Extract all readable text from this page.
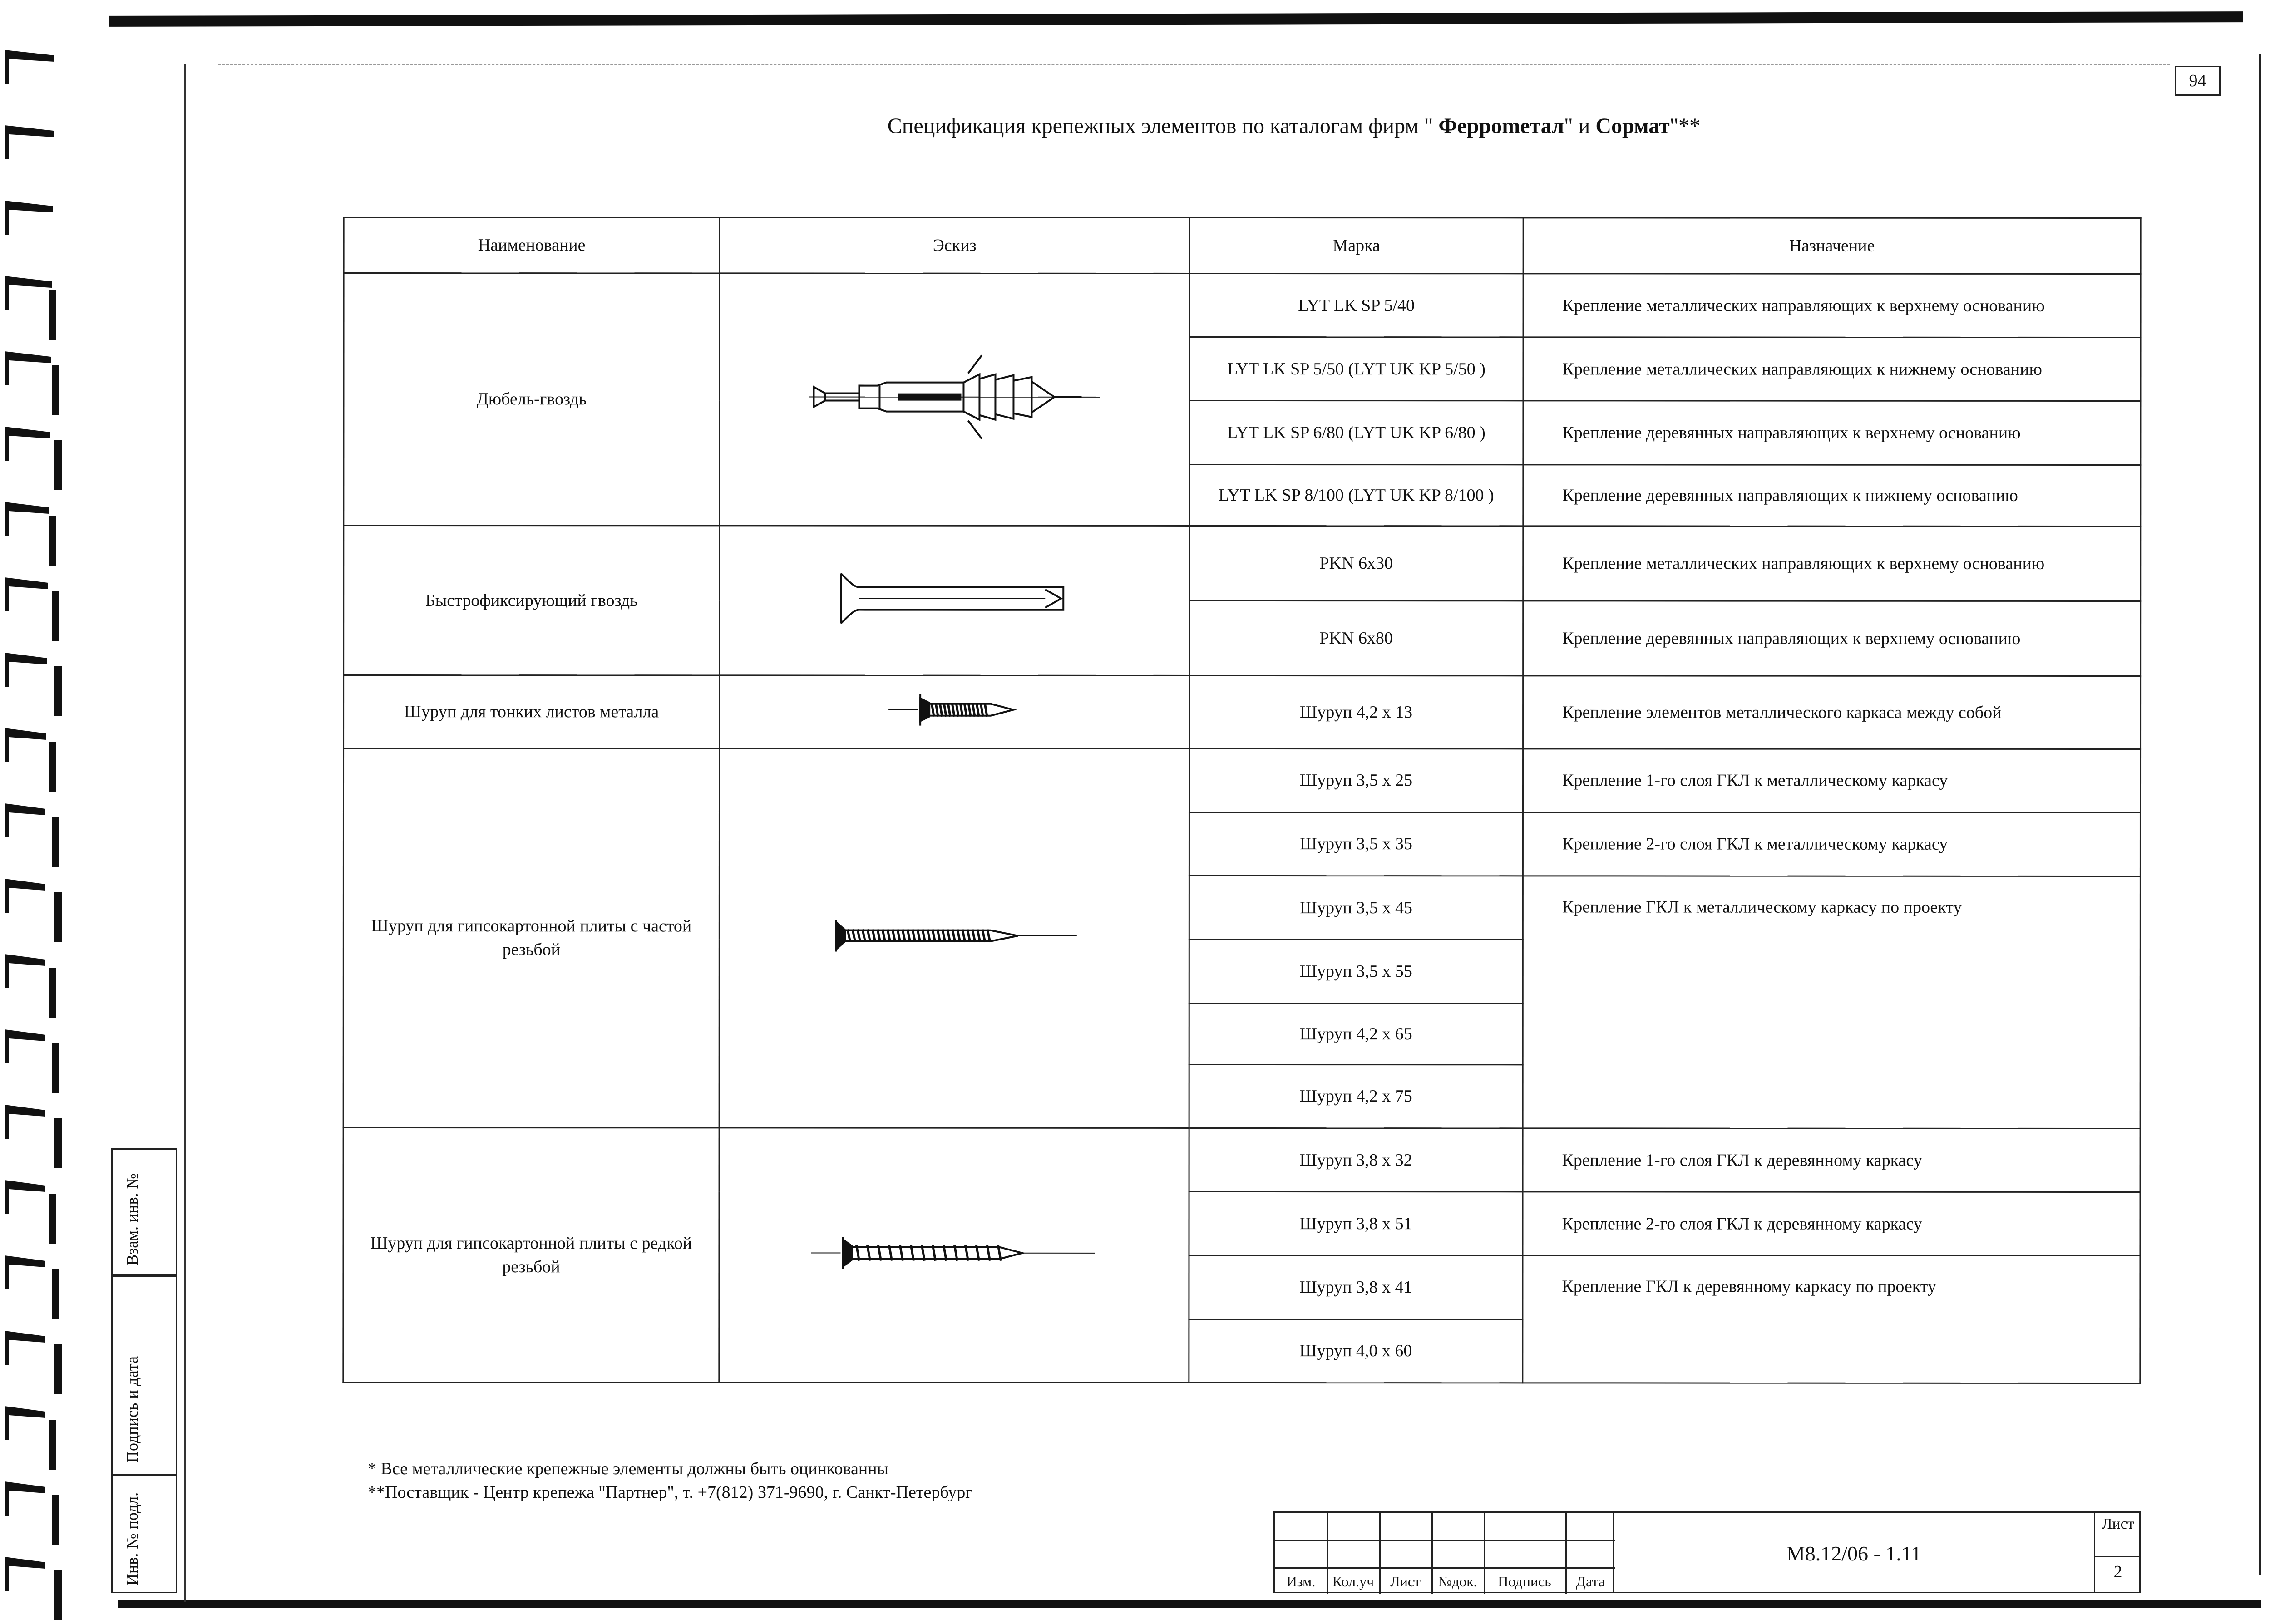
94
Спецификация крепежных элементов по каталогам фирм " Ферроmетал" и Сормат"**
Наименование	Эскиз	Марка	Назначение
Дюбель-гвоздь		LYT LK SP 5/40	Крепление металлических направляющих к верхнему основанию
		LYT LK SP 5/50 (LYT UK KP 5/50 )	Крепление металлических направляющих к нижнему основанию
		LYT LK SP 6/80 (LYT UK KP 6/80 )	Крепление деревянных направляющих к верхнему основанию
		LYT LK SP 8/100 (LYT UK KP 8/100 )	Крепление деревянных направляющих к нижнему основанию
Быстрофиксирующий гвоздь		PKN 6x30	Крепление металлических направляющих к верхнему основанию
		PKN 6x80	Крепление деревянных направляющих к верхнему основанию
Шуруп для тонких листов металла		Шуруп 4,2 х 13	Крепление элементов металлического каркаса между собой
Шуруп для гипсокартонной плиты с частой резьбой		Шуруп 3,5 х 25	Крепление 1-го слоя ГКЛ к металлическому каркасу
		Шуруп 3,5 х 35	Крепление 2-го слоя ГКЛ к металлическому каркасу
		Шуруп 3,5 х 45	Крепление ГКЛ к металлическому каркасу по проекту
		Шуруп 3,5 х 55	
		Шуруп 4,2 х 65	
		Шуруп 4,2 х 75	
Шуруп для гипсокартонной плиты с редкой резьбой		Шуруп 3,8 х 32	Крепление 1-го слоя ГКЛ к деревянному каркасу
		Шуруп 3,8 х 51	Крепление 2-го слоя ГКЛ к деревянному каркасу
		Шуруп 3,8 х 41	Крепление ГКЛ к деревянному каркасу по проекту
		Шуруп 4,0 х 60	
* Все металлические крепежные элементы должны быть оцинкованны
**Поставщик - Центр крепежа "Партнер", т. +7(812) 371-9690, г. Санкт-Петербург
Взам. инв. №
Подпись и дата
Инв. № подл.	Изм.	Кол.уч	Лист	№док.	Подпись	Дата
М8.12/06 - 1.11
Лист
2
